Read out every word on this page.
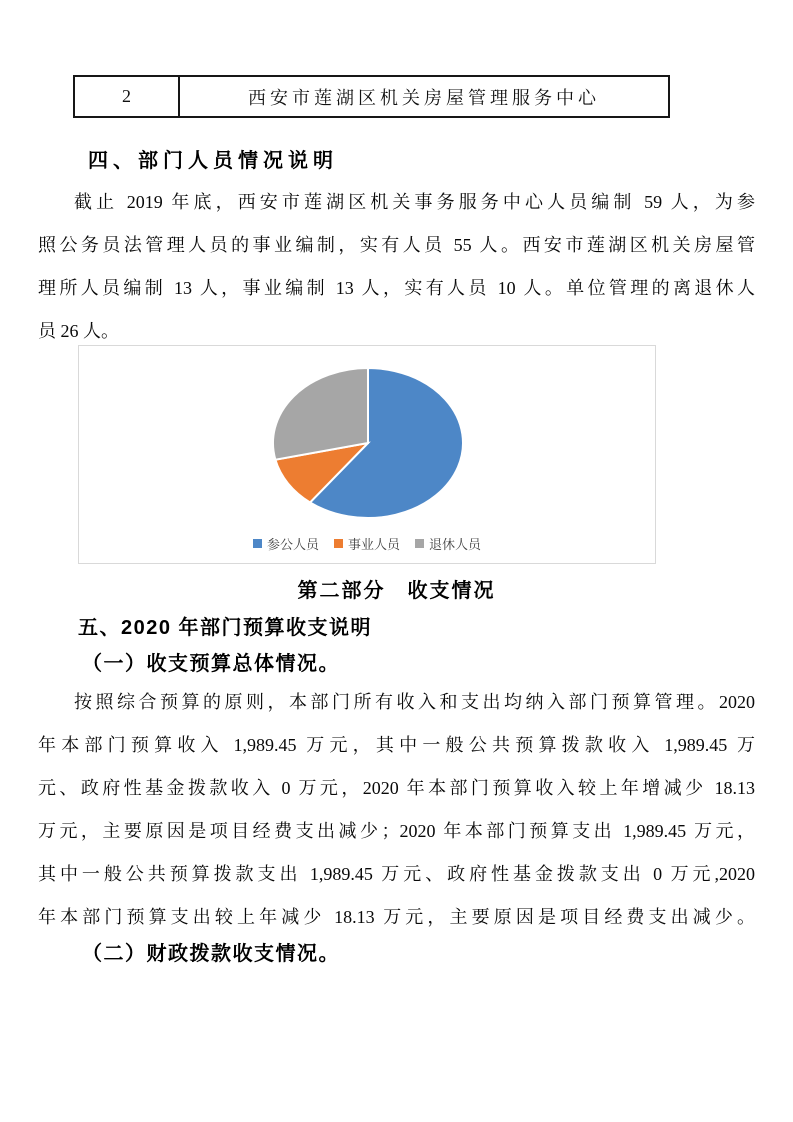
2	西安市莲湖区机关房屋管理服务中心
四、部门人员情况说明
截止 2019 年底，西安市莲湖区机关事务服务中心人员编制 59 人，为参
照公务员法管理人员的事业编制，实有人员 55 人。西安市莲湖区机关房屋管
理所人员编制 13 人，事业编制 13 人，实有人员 10 人。单位管理的离退休人
员 26 人。
参公人员 事业人员 退休人员
第二部分　收支情况
五、2020 年部门预算收支说明
（一）收支预算总体情况。
按照综合预算的原则，本部门所有收入和支出均纳入部门预算管理。2020
年本部门预算收入 1,989.45 万元，其中一般公共预算拨款收入 1,989.45 万
元、政府性基金拨款收入 0 万元，2020 年本部门预算收入较上年增减少 18.13
万元，主要原因是项目经费支出减少；2020 年本部门预算支出 1,989.45 万元，
其中一般公共预算拨款支出 1,989.45 万元、政府性基金拨款支出 0 万元,2020
年本部门预算支出较上年减少 18.13 万元，主要原因是项目经费支出减少。
（二）财政拨款收支情况。
